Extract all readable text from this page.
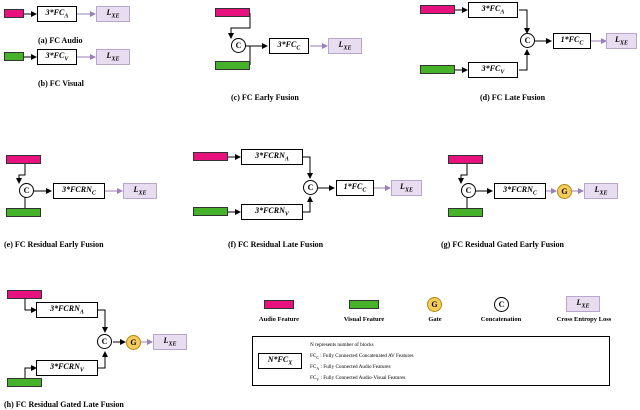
$3*FC_A$	$L_{XE}$
(a) FC Audio
$3*FC_V$	$L_{XE}$
(b) FC Visual
C	$3*FC_C$	$L_{XE}$
(c) FC Early Fusion
$3*FC_A$
$3*FC_V$
C	$1*FC_C$	$L_{XE}$
(d) FC Late Fusion
C	$3*FCRN_C$	$L_{XE}$
(e) FC Residual Early Fusion
$3*FCRN_A$
$3*FCRN_V$
C	$1*FC_C$	$L_{XE}$
(f) FC Residual Late Fusion
C	$3*FCRN_C$	G	$L_{XE}$
(g) FC Residual Gated Early Fusion
$3*FCRN_A$
$3*FCRN_V$
C	G	$L_{XE}$
(h) FC Residual Gated Late Fusion
Audio Feature	Visual Feature
G
Gate
C
Concatenation
$L_{XE}$
Cross Entropy Loss
$N*FC_X$
N represents number of blocks
$FC_C$ : Fully Connected Concatenated AV Features
$FC_A$ : Fully Connected Audio Features
$FC_V$ : Fully Connected Audio-Visual Features
